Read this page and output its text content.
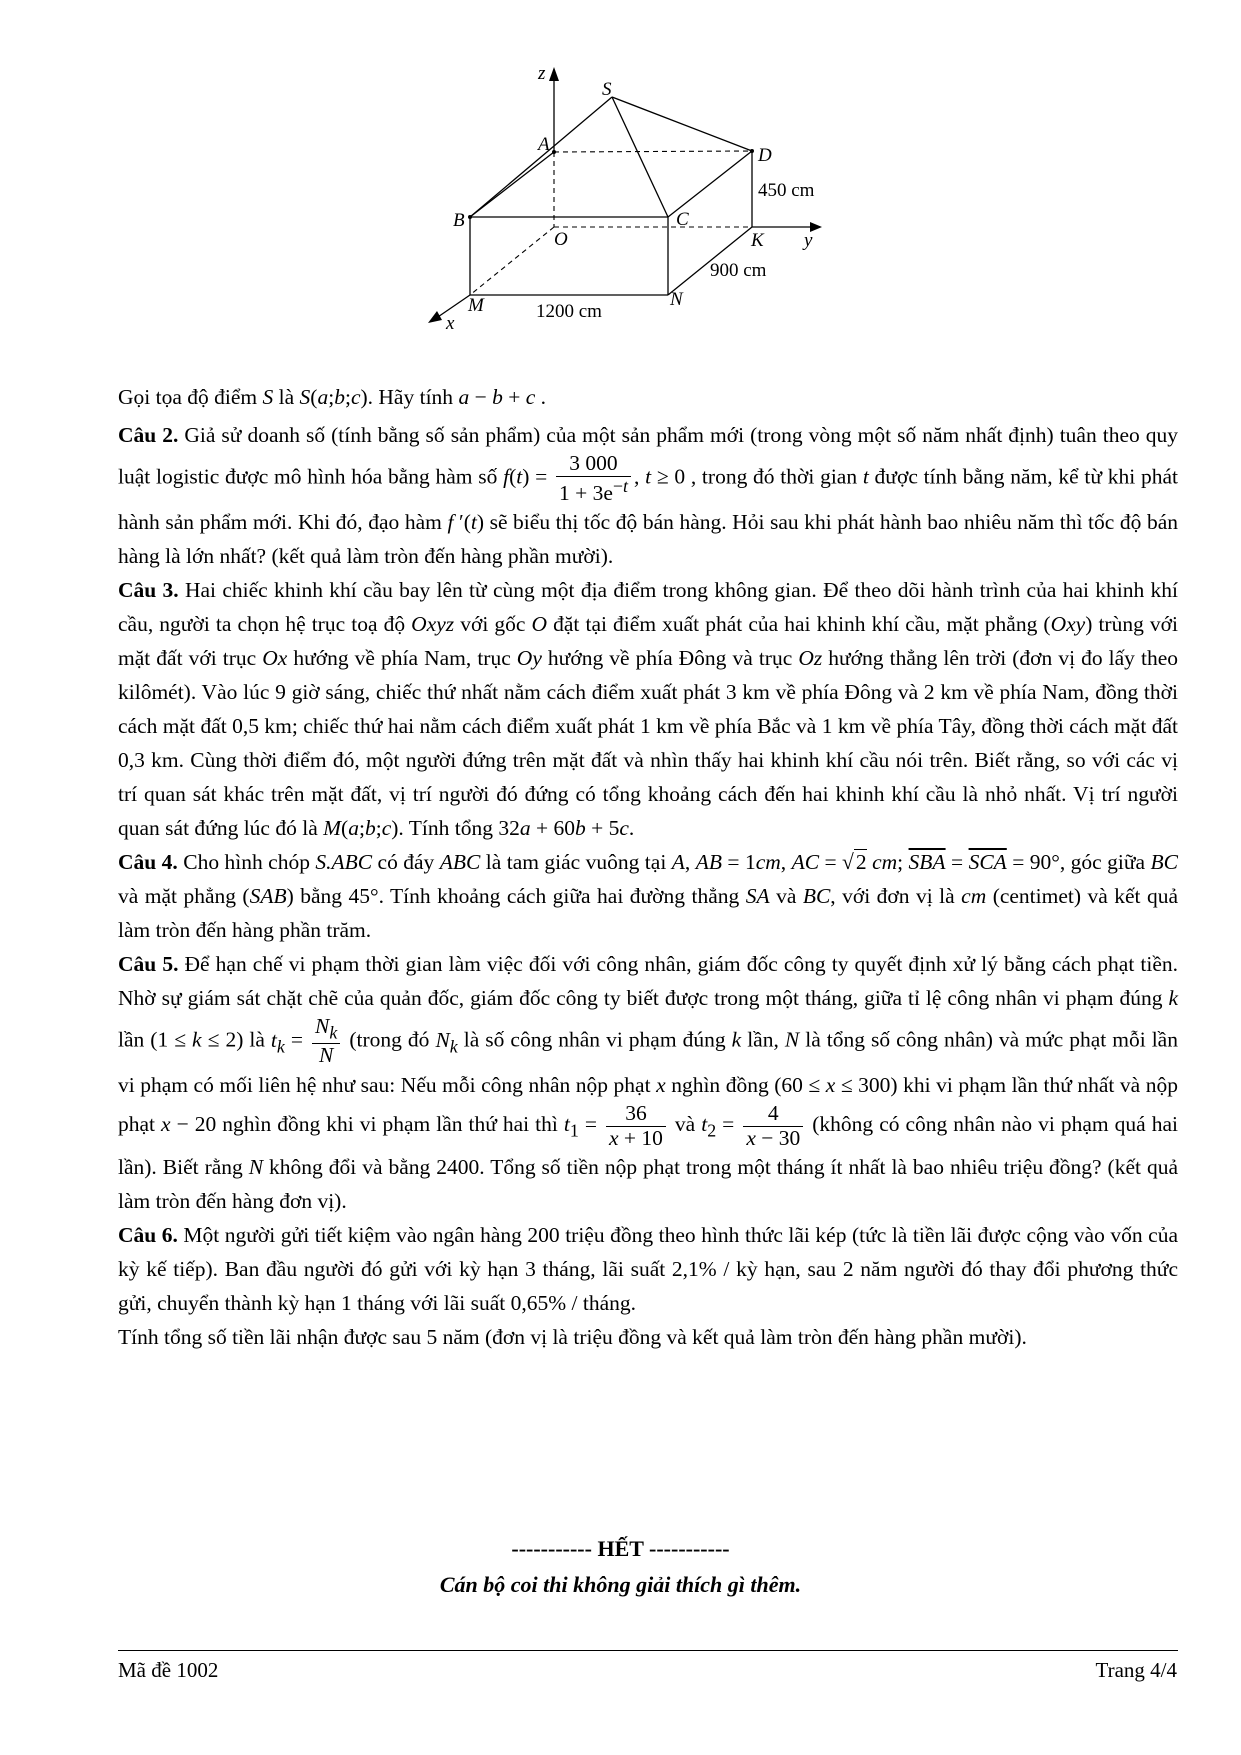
z
S
A
D
450 cm
B	C
O	K y
900 cm
M	N
1200 cm
x

Gọi tọa độ điểm S là S(a;b;c). Hãy tính a − b + c .

Câu 2. Giả sử doanh số (tính bằng số sản phẩm) của một sản phẩm mới (trong vòng một số năm nhất định) tuân theo quy luật logistic được mô hình hóa bằng hàm số $f(t) = \frac{3 000}{1 + 3e^{-t}}$ , t ≥ 0 , trong đó thời gian t được tính bằng năm, kể từ khi phát hành sản phẩm mới. Khi đó, đạo hàm f ′(t) sẽ biểu thị tốc độ bán hàng. Hỏi sau khi phát hành bao nhiêu năm thì tốc độ bán hàng là lớn nhất? (kết quả làm tròn đến hàng phần mười).

Câu 3. Hai chiếc khinh khí cầu bay lên từ cùng một địa điểm trong không gian. Để theo dõi hành trình của hai khinh khí cầu, người ta chọn hệ trục toạ độ Oxyz với gốc O đặt tại điểm xuất phát của hai khinh khí cầu, mặt phẳng (Oxy) trùng với mặt đất với trục Ox hướng về phía Nam, trục Oy hướng về phía Đông và trục Oz hướng thẳng lên trời (đơn vị đo lấy theo kilômét). Vào lúc 9 giờ sáng, chiếc thứ nhất nằm cách điểm xuất phát 3 km về phía Đông và 2 km về phía Nam, đồng thời cách mặt đất 0,5 km; chiếc thứ hai nằm cách điểm xuất phát 1 km về phía Bắc và 1 km về phía Tây, đồng thời cách mặt đất 0,3 km. Cùng thời điểm đó, một người đứng trên mặt đất và nhìn thấy hai khinh khí cầu nói trên. Biết rằng, so với các vị trí quan sát khác trên mặt đất, vị trí người đó đứng có tổng khoảng cách đến hai khinh khí cầu là nhỏ nhất. Vị trí người quan sát đứng lúc đó là M(a;b;c). Tính tổng 32a + 60b + 5c.

Câu 4. Cho hình chóp S.ABC có đáy ABC là tam giác vuông tại A, AB = 1cm, AC = √2 cm; $\overline{SBA} = \overline{SCA} = 90^\circ$, góc giữa BC và mặt phẳng (SAB) bằng 45°. Tính khoảng cách giữa hai đường thẳng SA và BC, với đơn vị là cm (centimet) và kết quả làm tròn đến hàng phần trăm.

Câu 5. Để hạn chế vi phạm thời gian làm việc đối với công nhân, giám đốc công ty quyết định xử lý bằng cách phạt tiền. Nhờ sự giám sát chặt chẽ của quản đốc, giám đốc công ty biết được trong một tháng, giữa tỉ lệ công nhân vi phạm đúng k lần (1 ≤ k ≤ 2) là $t_k = \frac{N_k}{N}$ (trong đó $N_k$ là số công nhân vi phạm đúng k lần, N là tổng số công nhân) và mức phạt mỗi lần vi phạm có mối liên hệ như sau: Nếu mỗi công nhân nộp phạt x nghìn đồng (60 ≤ x ≤ 300) khi vi phạm lần thứ nhất và nộp phạt x − 20 nghìn đồng khi vi phạm lần thứ hai thì $t_1 = \frac{36}{x + 10}$ và $t_2 = \frac{4}{x - 30}$ (không có công nhân nào vi phạm quá hai lần). Biết rằng N không đổi và bằng 2400. Tổng số tiền nộp phạt trong một tháng ít nhất là bao nhiêu triệu đồng? (kết quả làm tròn đến hàng đơn vị).

Câu 6. Một người gửi tiết kiệm vào ngân hàng 200 triệu đồng theo hình thức lãi kép (tức là tiền lãi được cộng vào vốn của kỳ kế tiếp). Ban đầu người đó gửi với kỳ hạn 3 tháng, lãi suất 2,1% / kỳ hạn, sau 2 năm người đó thay đổi phương thức gửi, chuyển thành kỳ hạn 1 tháng với lãi suất 0,65% / tháng.

Tính tổng số tiền lãi nhận được sau 5 năm (đơn vị là triệu đồng và kết quả làm tròn đến hàng phần mười).

----------- HẾT -----------
Cán bộ coi thi không giải thích gì thêm.
Mã đề 1002	Trang 4/4
